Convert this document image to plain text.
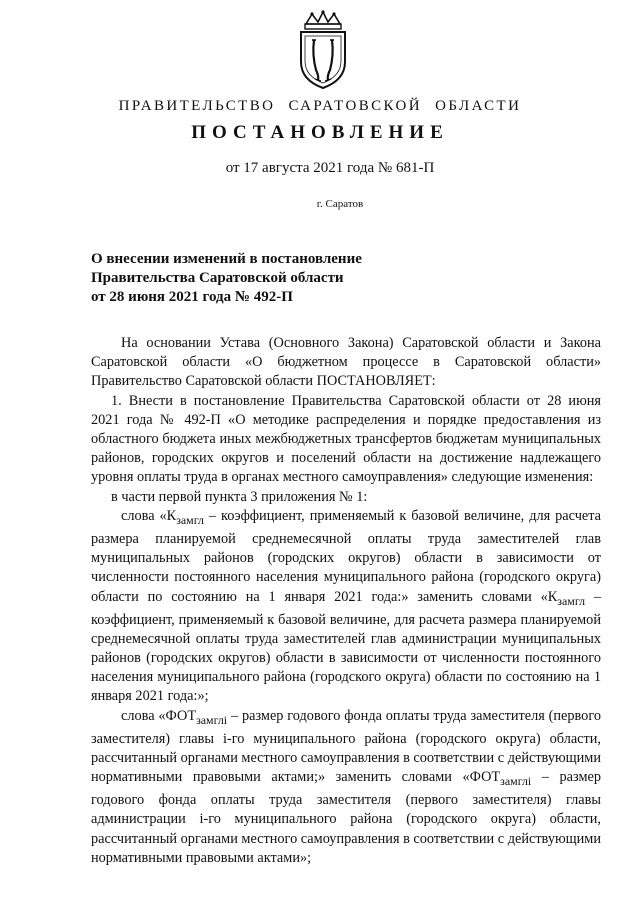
ПРАВИТЕЛЬСТВО САРАТОВСКОЙ ОБЛАСТИ
ПОСТАНОВЛЕНИЕ
от 17 августа 2021 года № 681-П
г. Саратов
О внесении изменений в постановление
Правительства Саратовской области
от 28 июня 2021 года № 492-П

На основании Устава (Основного Закона) Саратовской области и Закона Саратовской области «О бюджетном процессе в Саратовской области» Правительство Саратовской области ПОСТАНОВЛЯЕТ:

1. Внести в постановление Правительства Саратовской области от 28 июня 2021 года № 492-П «О методике распределения и порядке предоставления из областного бюджета иных межбюджетных трансфертов бюджетам муниципальных районов, городских округов и поселений области на достижение надлежащего уровня оплаты труда в органах местного самоуправления» следующие изменения:

в части первой пункта 3 приложения № 1:

слова «$К_{замгл}$ – коэффициент, применяемый к базовой величине, для расчета размера планируемой среднемесячной оплаты труда заместителей глав муниципальных районов (городских округов) области в зависимости от численности постоянного населения муниципального района (городского округа) области по состоянию на 1 января 2021 года:» заменить словами «$К_{замгл}$ – коэффициент, применяемый к базовой величине, для расчета размера планируемой среднемесячной оплаты труда заместителей глав администрации муниципальных районов (городских округов) области в зависимости от численности постоянного населения муниципального района (городского округа) области по состоянию на 1 января 2021 года:»;

слова «$ФОТ_{замглi}$ – размер годового фонда оплаты труда заместителя (первого заместителя) главы i-го муниципального района (городского округа) области, рассчитанный органами местного самоуправления в соответствии с действующими нормативными правовыми актами;» заменить словами «$ФОТ_{замглi}$ – размер годового фонда оплаты труда заместителя (первого заместителя) главы администрации i-го муниципального района (городского округа) области, рассчитанный органами местного самоуправления в соответствии с действующими нормативными правовыми актами»;
